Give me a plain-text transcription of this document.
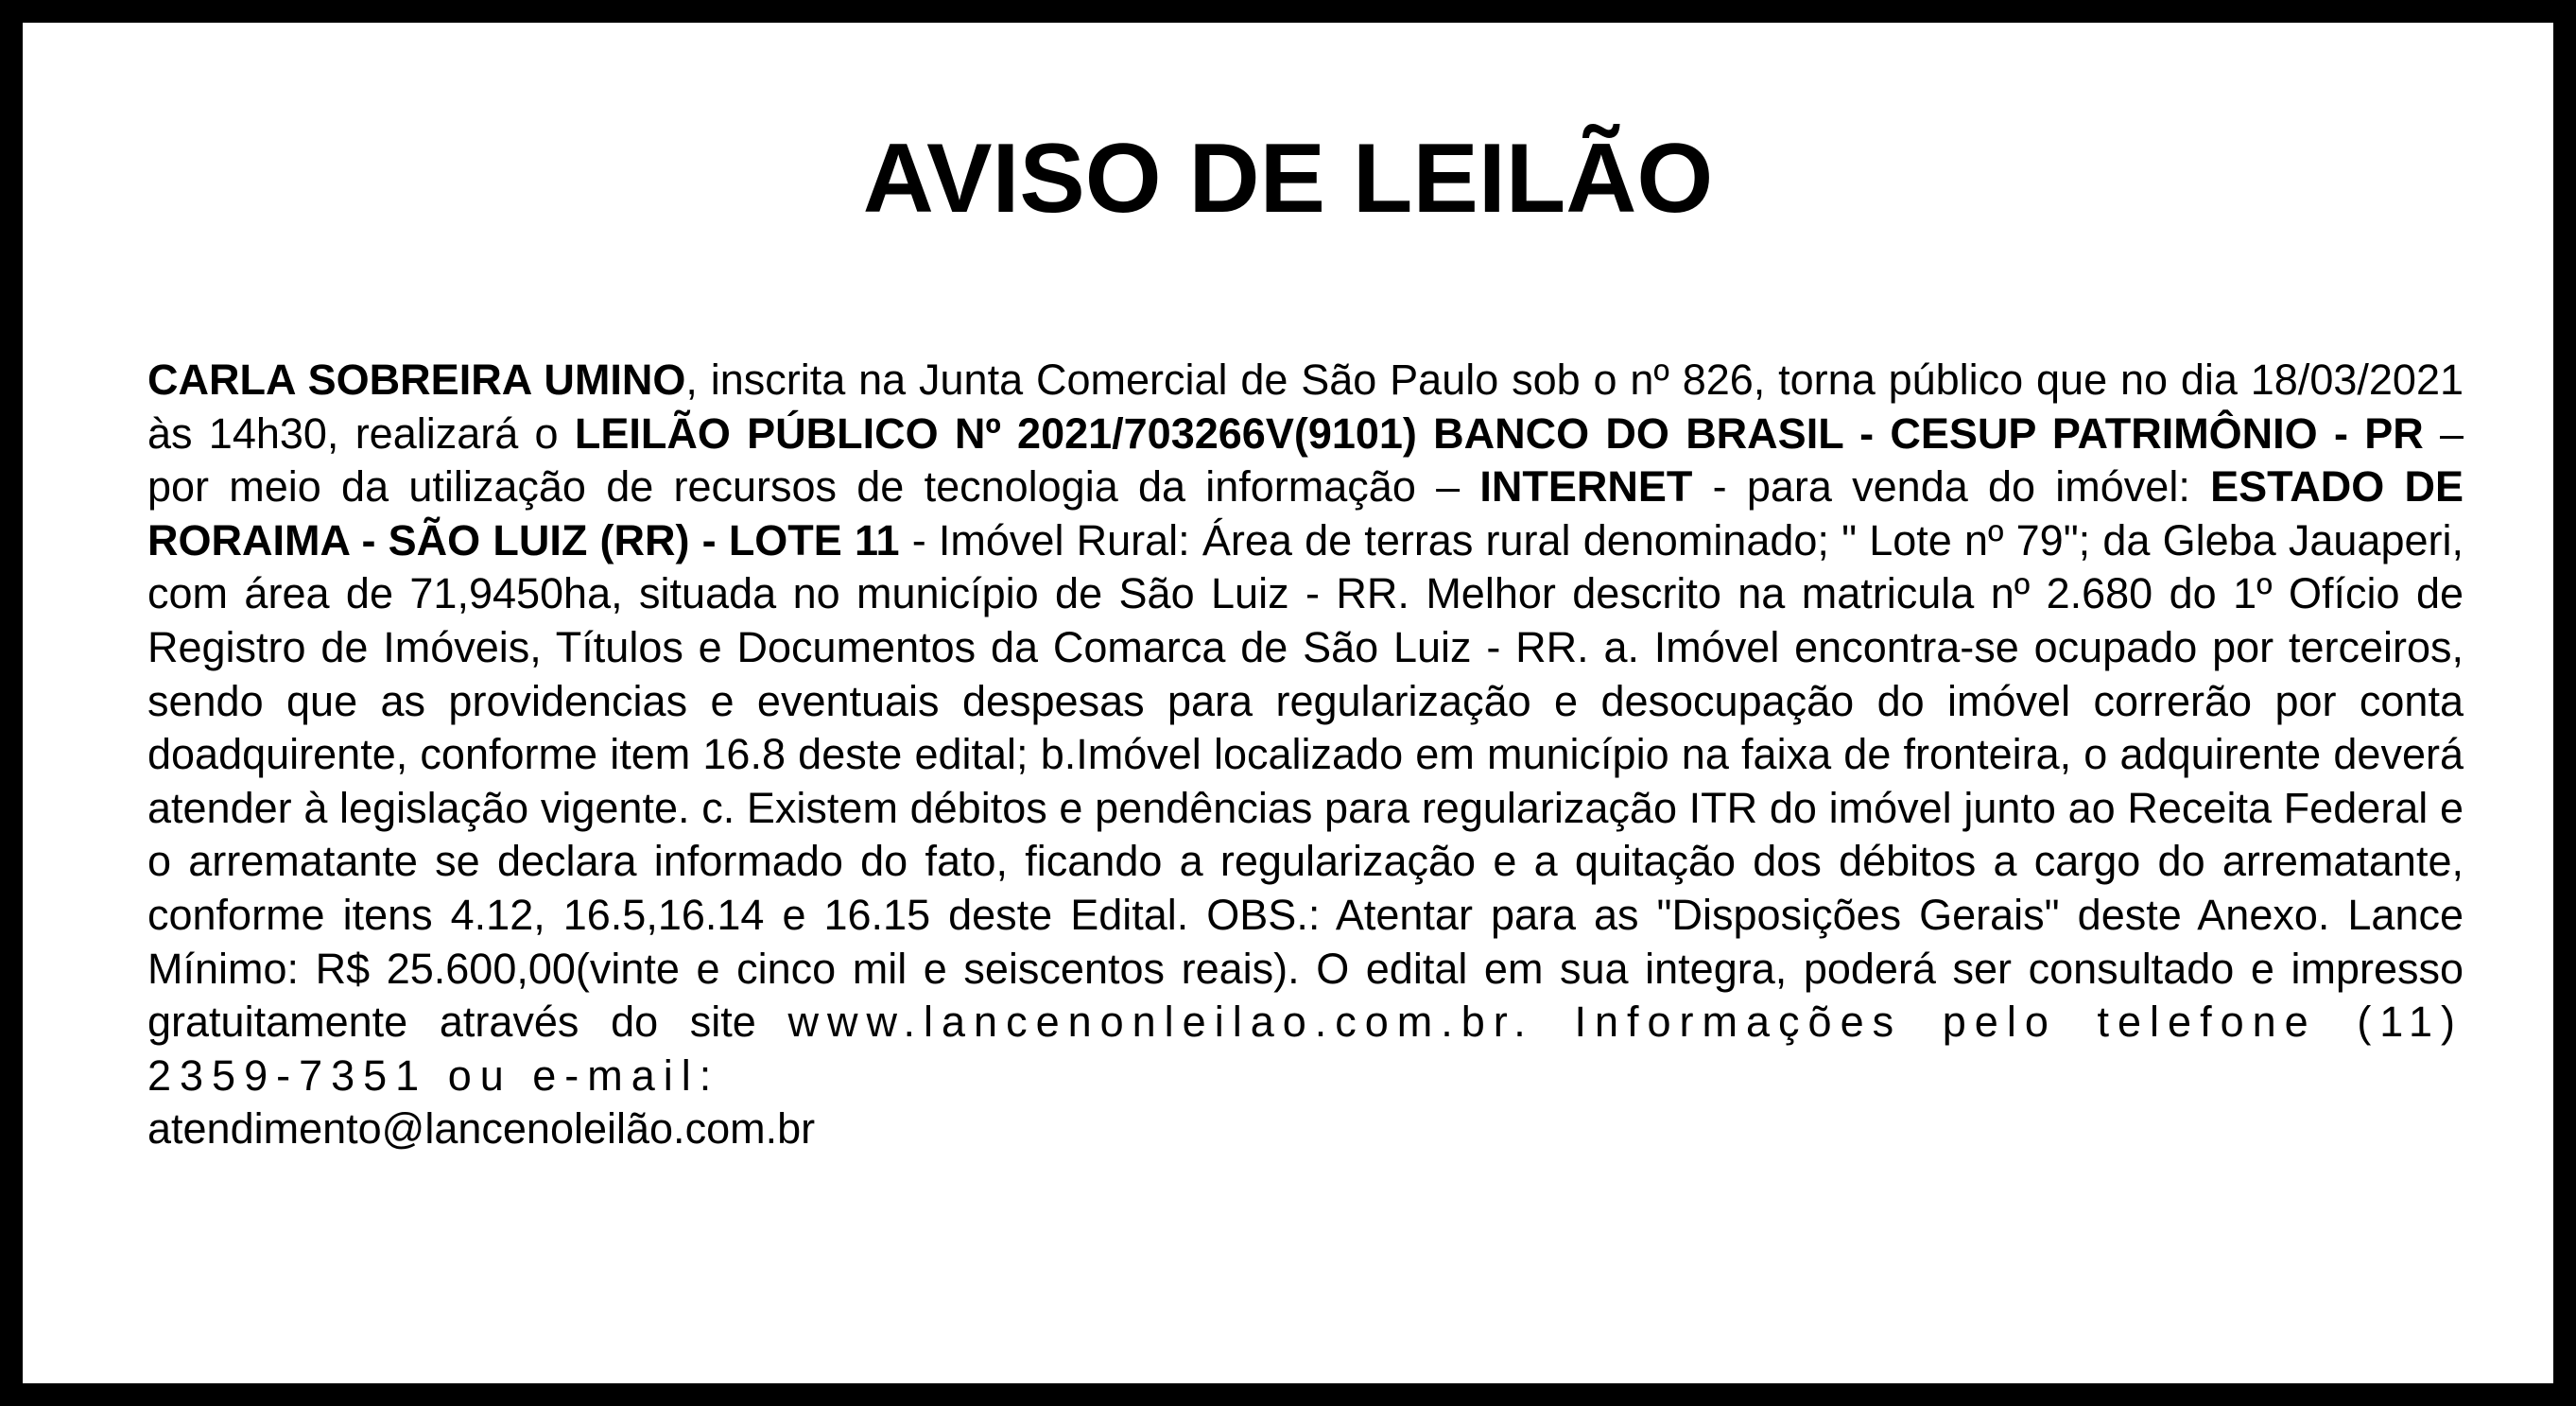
AVISO DE LEILÃO

CARLA SOBREIRA UMINO, inscrita na Junta Comercial de São Paulo sob o nº 826, torna público que no dia 18/03/2021 às 14h30, realizará o LEILÃO PÚBLICO Nº 2021/703266V(9101) BANCO DO BRASIL - CESUP PATRIMÔNIO - PR – por meio da utilização de recursos de tecnologia da informação – INTERNET - para venda do imóvel: ESTADO DE RORAIMA - SÃO LUIZ (RR) - LOTE 11 - Imóvel Rural: Área de terras rural denominado; " Lote nº 79"; da Gleba Jauaperi, com área de 71,9450ha, situada no município de São Luiz - RR. Melhor descrito na matricula nº 2.680 do 1º Ofício de Registro de Imóveis, Títulos e Documentos da Comarca de São Luiz - RR. a. Imóvel encontra-se ocupado por terceiros, sendo que as providencias e eventuais despesas para regularização e desocupação do imóvel correrão por conta doadquirente, conforme item 16.8 deste edital; b.Imóvel localizado em município na faixa de fronteira, o adquirente deverá atender à legislação vigente. c. Existem débitos e pendências para regularização ITR do imóvel junto ao Receita Federal e o arrematante se declara informado do fato, ficando a regularização e a quitação dos débitos a cargo do arrematante, conforme itens 4.12, 16.5,16.14 e 16.15 deste Edital. OBS.: Atentar para as "Disposições Gerais" deste Anexo. Lance Mínimo: R$ 25.600,00(vinte e cinco mil e seiscentos reais). O edital em sua integra, poderá ser consultado e impresso gratuitamente através do site www.lancenonleilao.com.br. Informações pelo telefone (11) 2359-7351 ou e-mail:
atendimento@lancenoleilão.com.br
